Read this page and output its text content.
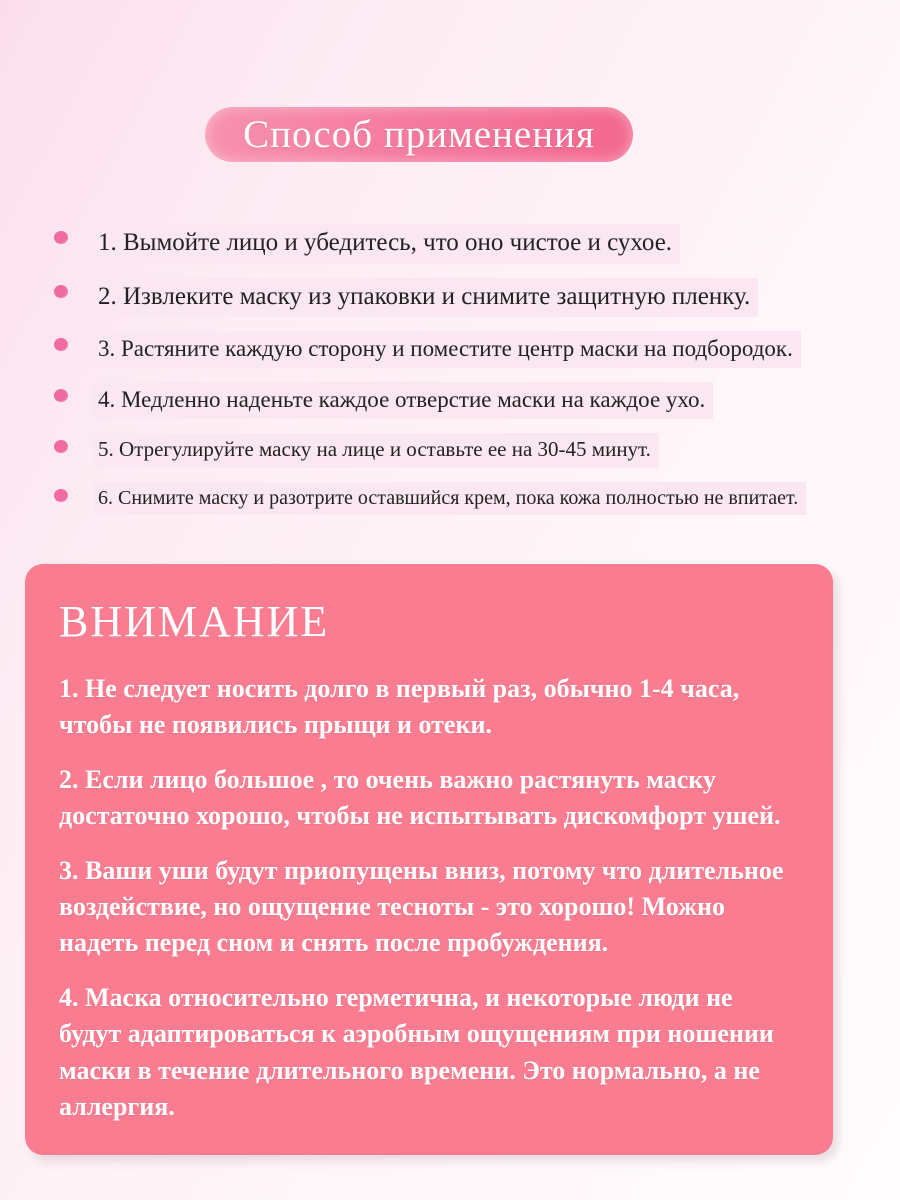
Способ применения
1. Вымойте лицо и убедитесь, что оно чистое и сухое.
2. Извлеките маску из упаковки и снимите защитную пленку.
3. Растяните каждую сторону и поместите центр маски на подбородок.
4. Медленно наденьте каждое отверстие маски на каждое ухо.
5. Отрегулируйте маску на лице и оставьте ее на 30-45 минут.
6. Снимите маску и разотрите оставшийся крем, пока кожа полностью не впитает.
ВНИМАНИЕ

1. Не следует носить долго в первый раз, обычно 1-4 часа, чтобы не появились прыщи и отеки.

2. Если лицо большое , то очень важно растянуть маску достаточно хорошо, чтобы не испытывать дискомфорт ушей.

3. Ваши уши будут приопущены вниз, потому что длительное воздействие, но ощущение тесноты - это хорошо! Можно надеть перед сном и снять после пробуждения.

4. Маска относительно герметична, и некоторые люди не будут адаптироваться к аэробным ощущениям при ношении маски в течение длительного времени. Это нормально, а не аллергия.
